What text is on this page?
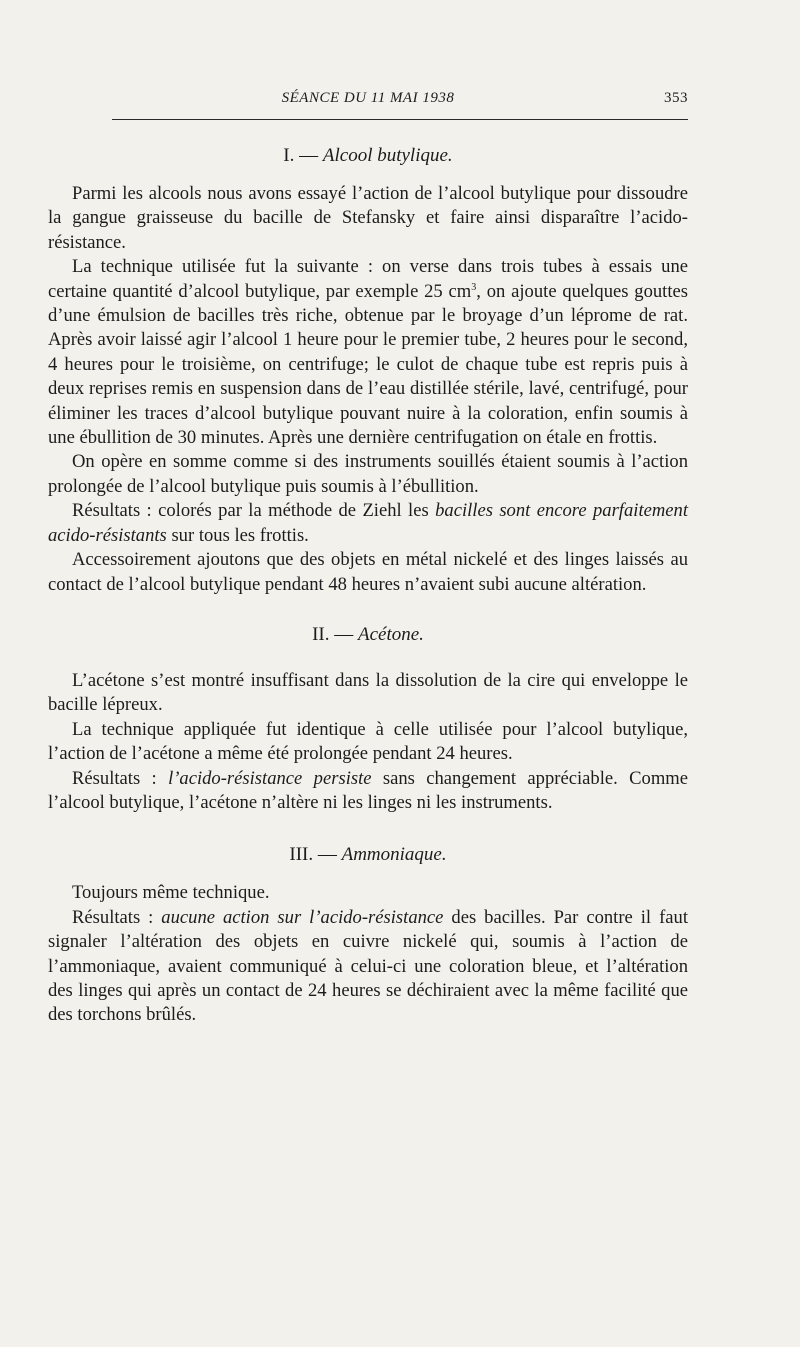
SÉANCE DU 11 MAI 1938	353

I. — Alcool butylique.

Parmi les alcools nous avons essayé l’action de l’alcool butylique pour dissoudre la gangue graisseuse du bacille de Stefansky et faire ainsi disparaître l’acido-résistance.

La technique utilisée fut la suivante : on verse dans trois tubes à essais une certaine quantité d’alcool butylique, par exemple 25 $cm^3$, on ajoute quelques gouttes d’une émulsion de bacilles très riche, obtenue par le broyage d’un léprome de rat. Après avoir laissé agir l’alcool 1 heure pour le premier tube, 2 heures pour le second, 4 heures pour le troisième, on centrifuge; le culot de chaque tube est repris puis à deux reprises remis en suspension dans de l’eau distillée stérile, lavé, centrifugé, pour éliminer les traces d’alcool butylique pouvant nuire à la coloration, enfin soumis à une ébullition de 30 minutes. Après une dernière centrifugation on étale en frottis.

On opère en somme comme si des instruments souillés étaient soumis à l’action prolongée de l’alcool butylique puis soumis à l’ébullition.

Résultats : colorés par la méthode de Ziehl les bacilles sont encore parfaitement acido-résistants sur tous les frottis.

Accessoirement ajoutons que des objets en métal nickelé et des linges laissés au contact de l’alcool butylique pendant 48 heures n’avaient subi aucune altération.

II. — Acétone.

L’acétone s’est montré insuffisant dans la dissolution de la cire qui enveloppe le bacille lépreux.

La technique appliquée fut identique à celle utilisée pour l’alcool butylique, l’action de l’acétone a même été prolongée pendant 24 heures.

Résultats : l’acido-résistance persiste sans changement appréciable. Comme l’alcool butylique, l’acétone n’altère ni les linges ni les instruments.

III. — Ammoniaque.

Toujours même technique.

Résultats : aucune action sur l’acido-résistance des bacilles. Par contre il faut signaler l’altération des objets en cuivre nickelé qui, soumis à l’action de l’ammoniaque, avaient communiqué à celui-ci une coloration bleue, et l’altération des linges qui après un contact de 24 heures se déchiraient avec la même facilité que des torchons brûlés.
